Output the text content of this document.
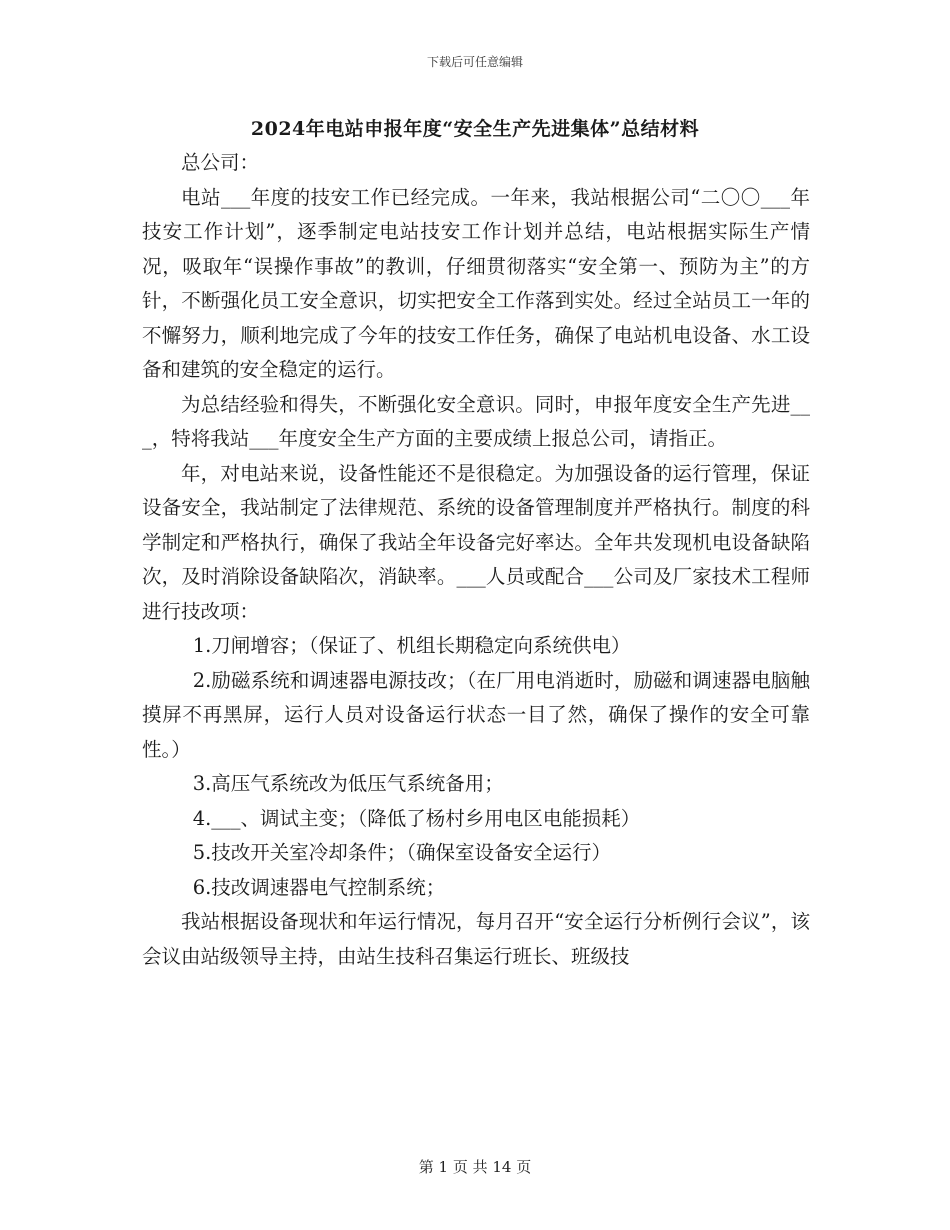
下载后可任意编辑
2024年电站申报年度“安全生产先进集体”总结材料

总公司：

电站___年度的技安工作已经完成。一年来，我站根据公司“二〇〇___年技安工作计划”，逐季制定电站技安工作计划并总结，电站根据实际生产情况，吸取年“误操作事故”的教训，仔细贯彻落实“安全第一、预防为主”的方针，不断强化员工安全意识，切实把安全工作落到实处。经过全站员工一年的不懈努力，顺利地完成了今年的技安工作任务，确保了电站机电设备、水工设备和建筑的安全稳定的运行。

为总结经验和得失，不断强化安全意识。同时，申报年度安全生产先进___，特将我站___年度安全生产方面的主要成绩上报总公司，请指正。

年，对电站来说，设备性能还不是很稳定。为加强设备的运行管理，保证设备安全，我站制定了法律规范、系统的设备管理制度并严格执行。制度的科学制定和严格执行，确保了我站全年设备完好率达。全年共发现机电设备缺陷次，及时消除设备缺陷次，消缺率。___人员或配合___公司及厂家技术工程师进行技改项：

1.刀闸增容；（保证了、机组长期稳定向系统供电）

2.励磁系统和调速器电源技改；（在厂用电消逝时，励磁和调速器电脑触摸屏不再黑屏，运行人员对设备运行状态一目了然，确保了操作的安全可靠性。）

3.高压气系统改为低压气系统备用；

4.___、调试主变；（降低了杨村乡用电区电能损耗）

5.技改开关室冷却条件；（确保室设备安全运行）

6.技改调速器电气控制系统；

我站根据设备现状和年运行情况，每月召开“安全运行分析例行会议”，该会议由站级领导主持，由站生技科召集运行班长、班级技

第 1 页 共 14 页
